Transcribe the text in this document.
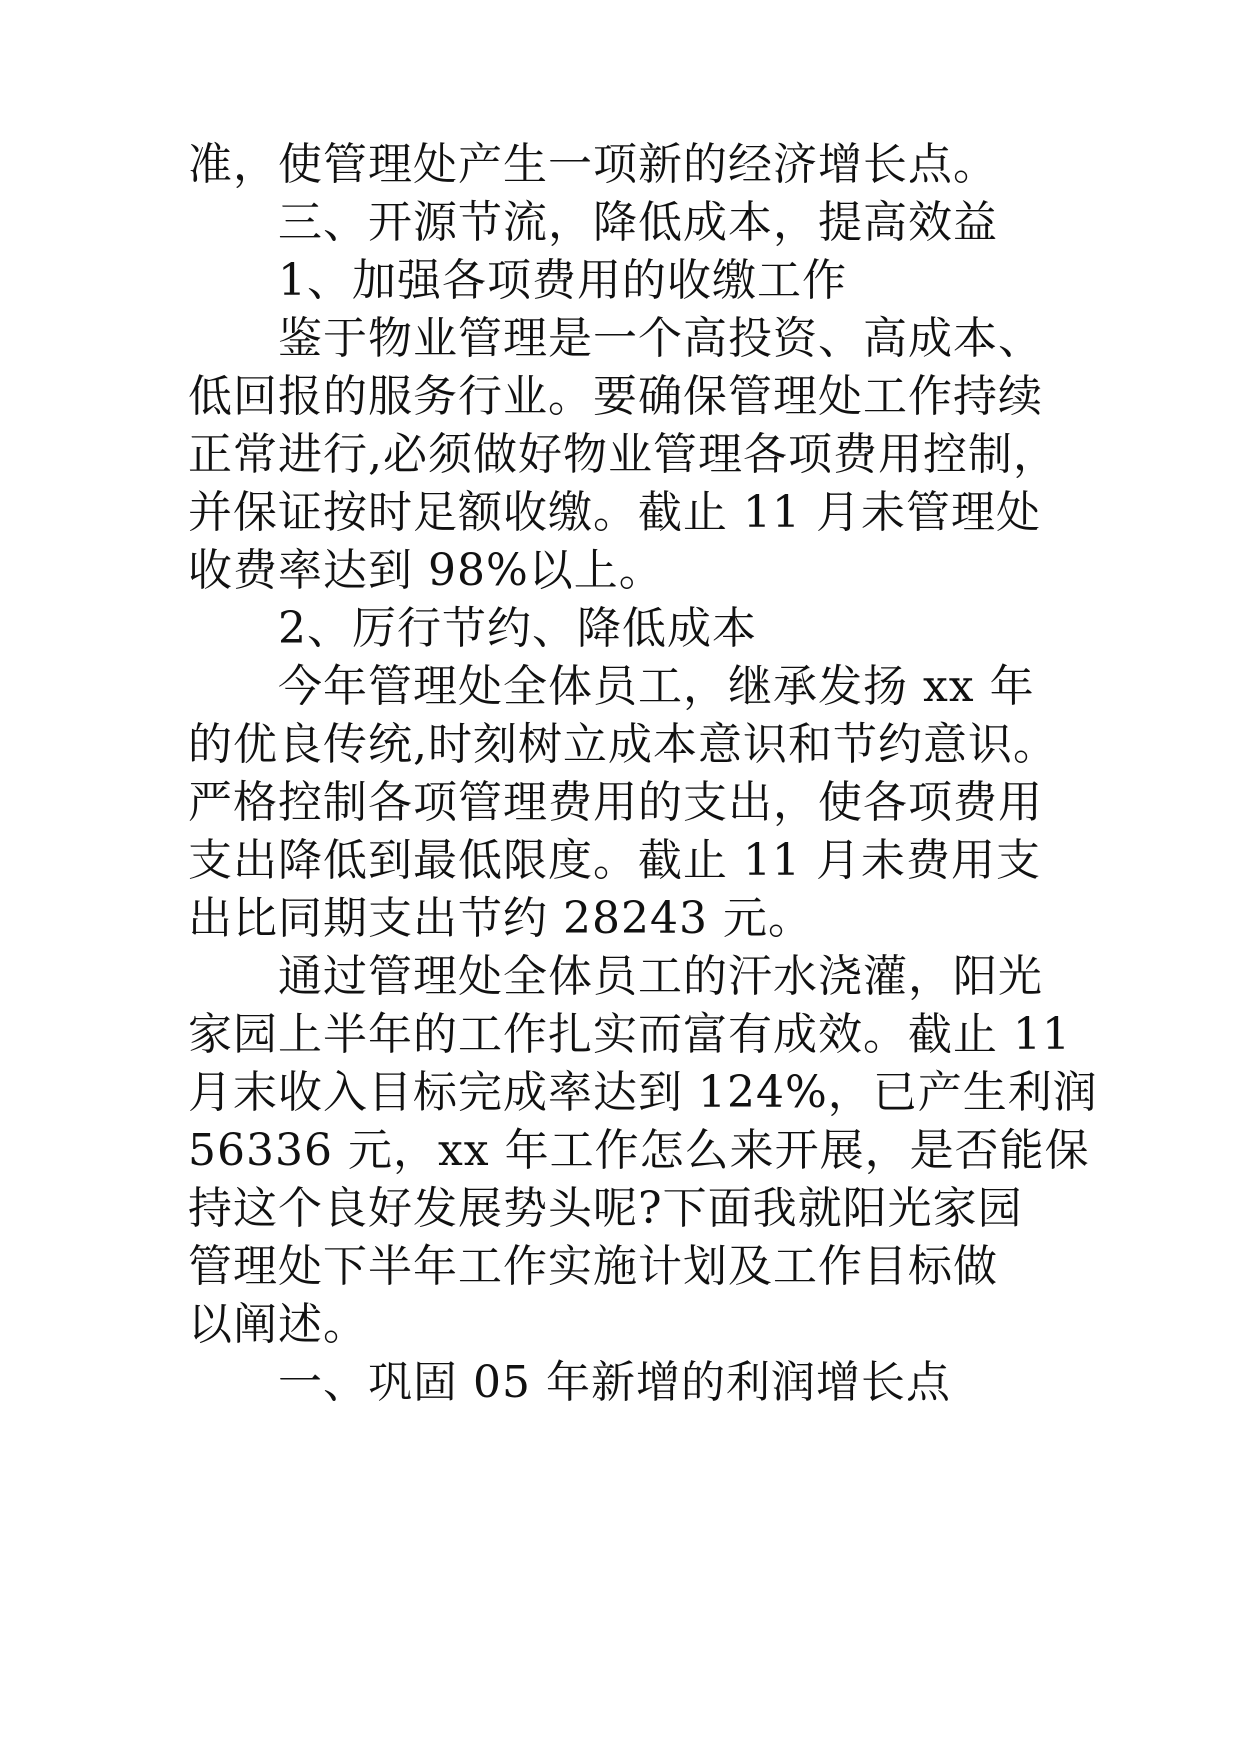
准，使管理处产生一项新的经济增长点。
三、开源节流，降低成本，提高效益
1、加强各项费用的收缴工作
鉴于物业管理是一个高投资、高成本、
低回报的服务行业。要确保管理处工作持续
正常进行,必须做好物业管理各项费用控制，
并保证按时足额收缴。截止 11 月未管理处
收费率达到 98%以上。
2、厉行节约、降低成本
今年管理处全体员工，继承发扬 xx 年
的优良传统,时刻树立成本意识和节约意识。
严格控制各项管理费用的支出，使各项费用
支出降低到最低限度。截止 11 月未费用支
出比同期支出节约 28243 元。
通过管理处全体员工的汗水浇灌，阳光
家园上半年的工作扎实而富有成效。截止 11
月末收入目标完成率达到 124%，已产生利润
56336 元，xx 年工作怎么来开展，是否能保
持这个良好发展势头呢?下面我就阳光家园
管理处下半年工作实施计划及工作目标做
以阐述。
一、巩固 05 年新增的利润增长点
